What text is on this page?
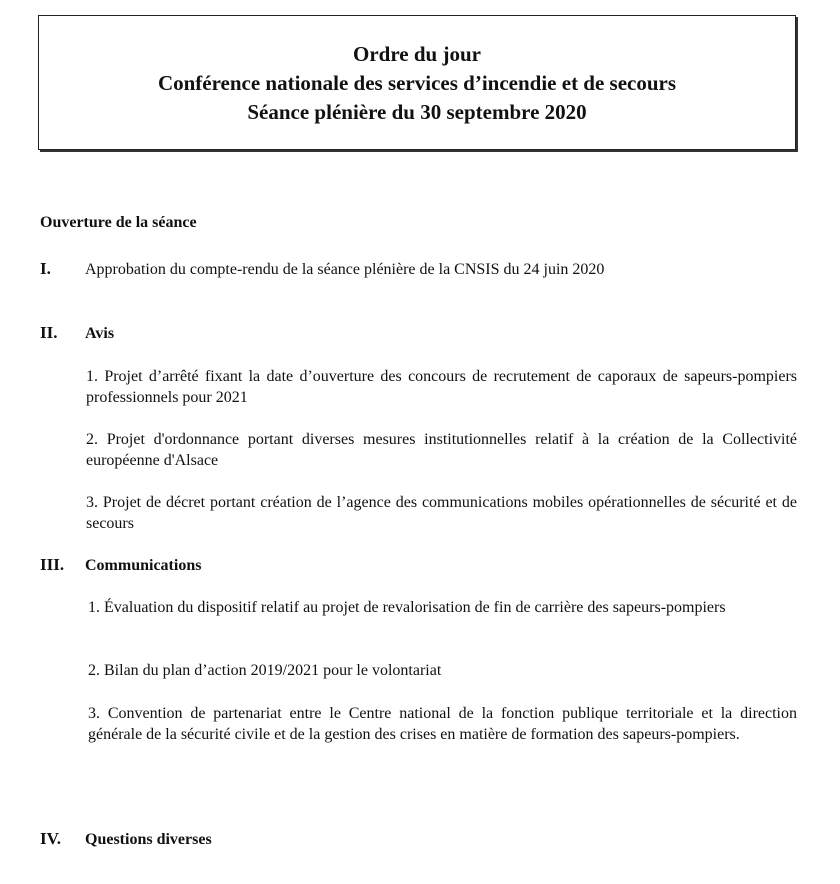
Ordre du jour

Conférence nationale des services d’incendie et de secours

Séance plénière du 30 septembre 2020

Ouverture de la séance

I.	Approbation du compte-rendu de la séance plénière de la CNSIS du 24 juin 2020
II.	Avis

1. Projet d’arrêté fixant la date d’ouverture des concours de recrutement de caporaux de sapeurs-pompiers professionnels pour 2021

2. Projet d'ordonnance portant diverses mesures institutionnelles relatif à la création de la Collectivité européenne d'Alsace

3. Projet de décret portant création de l’agence des communications mobiles opérationnelles de sécurité et de secours

III.	Communications

1. Évaluation du dispositif relatif au projet de revalorisation de fin de carrière des sapeurs-pompiers

2. Bilan du plan d’action 2019/2021 pour le volontariat

3. Convention de partenariat entre le Centre national de la fonction publique territoriale et la direction générale de la sécurité civile et de la gestion des crises en matière de formation des sapeurs-pompiers.

IV.	Questions diverses
